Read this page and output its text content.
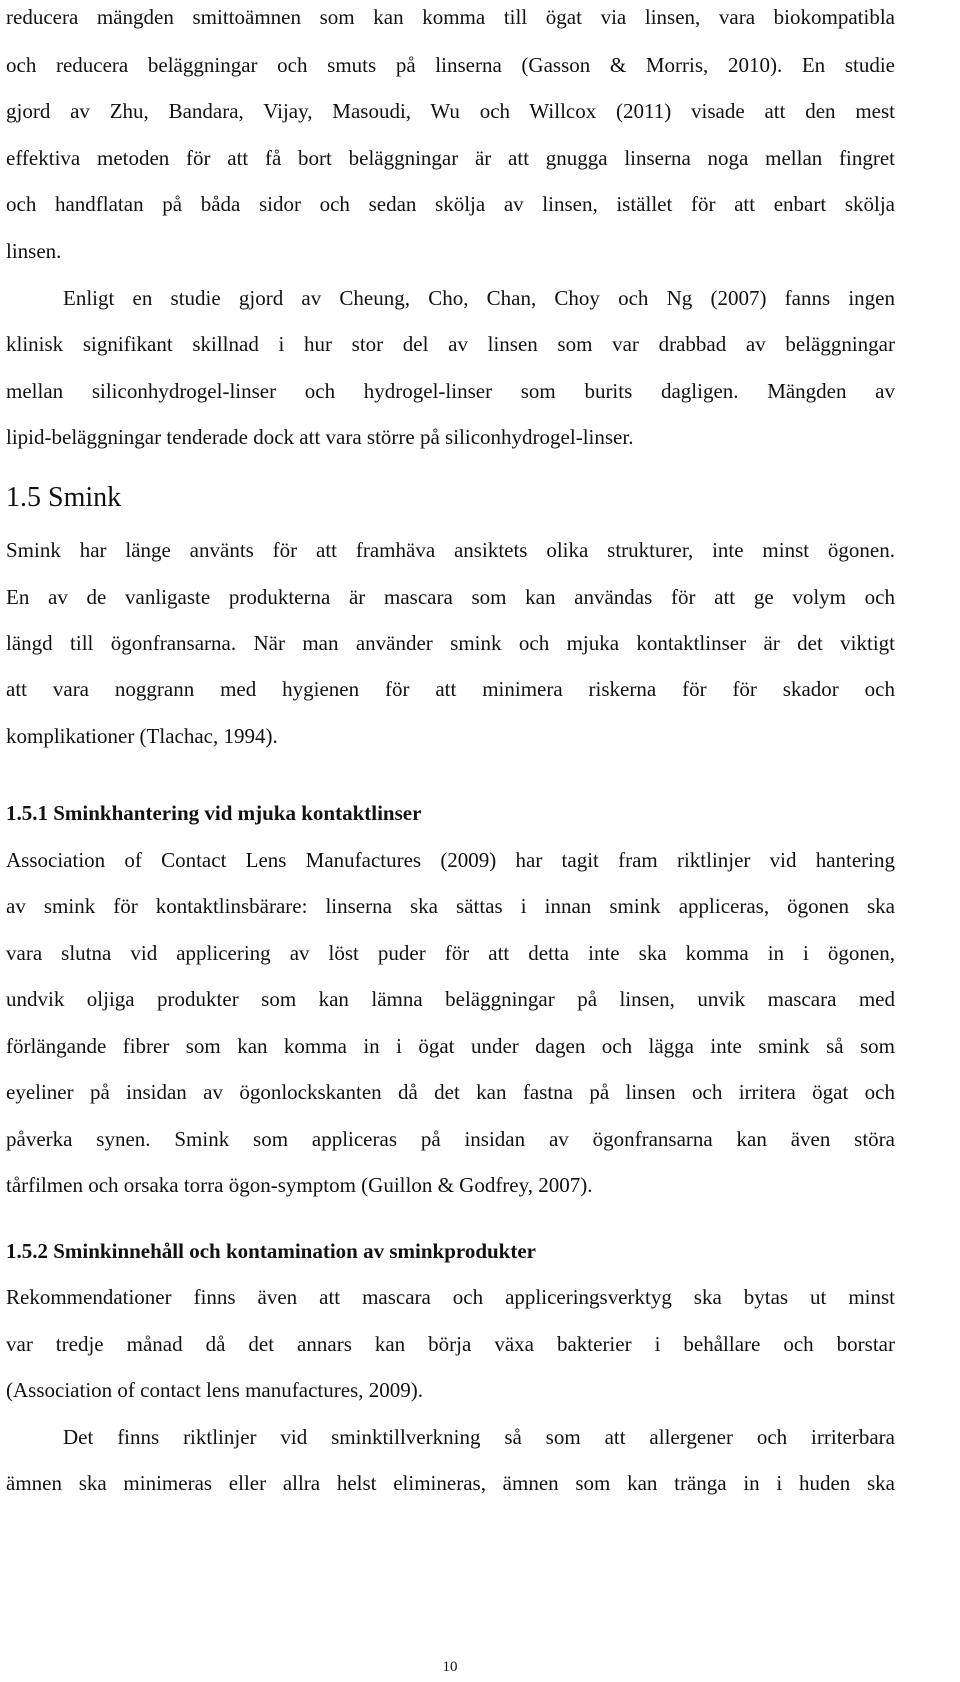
reducera mängden smittoämnen som kan komma till ögat via linsen, vara biokompatibla
och reducera beläggningar och smuts på linserna (Gasson & Morris, 2010). En studie
gjord av Zhu, Bandara, Vijay, Masoudi, Wu och Willcox (2011) visade att den mest
effektiva metoden för att få bort beläggningar är att gnugga linserna noga mellan fingret
och handflatan på båda sidor och sedan skölja av linsen, istället för att enbart skölja
linsen.
Enligt en studie gjord av Cheung, Cho, Chan, Choy och Ng (2007) fanns ingen
klinisk signifikant skillnad i hur stor del av linsen som var drabbad av beläggningar
mellan siliconhydrogel-linser och hydrogel-linser som burits dagligen. Mängden av
lipid-beläggningar tenderade dock att vara större på siliconhydrogel-linser.
1.5 Smink
Smink har länge använts för att framhäva ansiktets olika strukturer, inte minst ögonen.
En av de vanligaste produkterna är mascara som kan användas för att ge volym och
längd till ögonfransarna. När man använder smink och mjuka kontaktlinser är det viktigt
att vara noggrann med hygienen för att minimera riskerna för för skador och
komplikationer (Tlachac, 1994).
1.5.1 Sminkhantering vid mjuka kontaktlinser
Association of Contact Lens Manufactures (2009) har tagit fram riktlinjer vid hantering
av smink för kontaktlinsbärare: linserna ska sättas i innan smink appliceras, ögonen ska
vara slutna vid applicering av löst puder för att detta inte ska komma in i ögonen,
undvik oljiga produkter som kan lämna beläggningar på linsen, unvik mascara med
förlängande fibrer som kan komma in i ögat under dagen och lägga inte smink så som
eyeliner på insidan av ögonlockskanten då det kan fastna på linsen och irritera ögat och
påverka synen. Smink som appliceras på insidan av ögonfransarna kan även störa
tårfilmen och orsaka torra ögon-symptom (Guillon & Godfrey, 2007).
1.5.2 Sminkinnehåll och kontamination av sminkprodukter
Rekommendationer finns även att mascara och appliceringsverktyg ska bytas ut minst
var tredje månad då det annars kan börja växa bakterier i behållare och borstar
(Association of contact lens manufactures, 2009).
Det finns riktlinjer vid sminktillverkning så som att allergener och irriterbara
ämnen ska minimeras eller allra helst elimineras, ämnen som kan tränga in i huden ska
10
